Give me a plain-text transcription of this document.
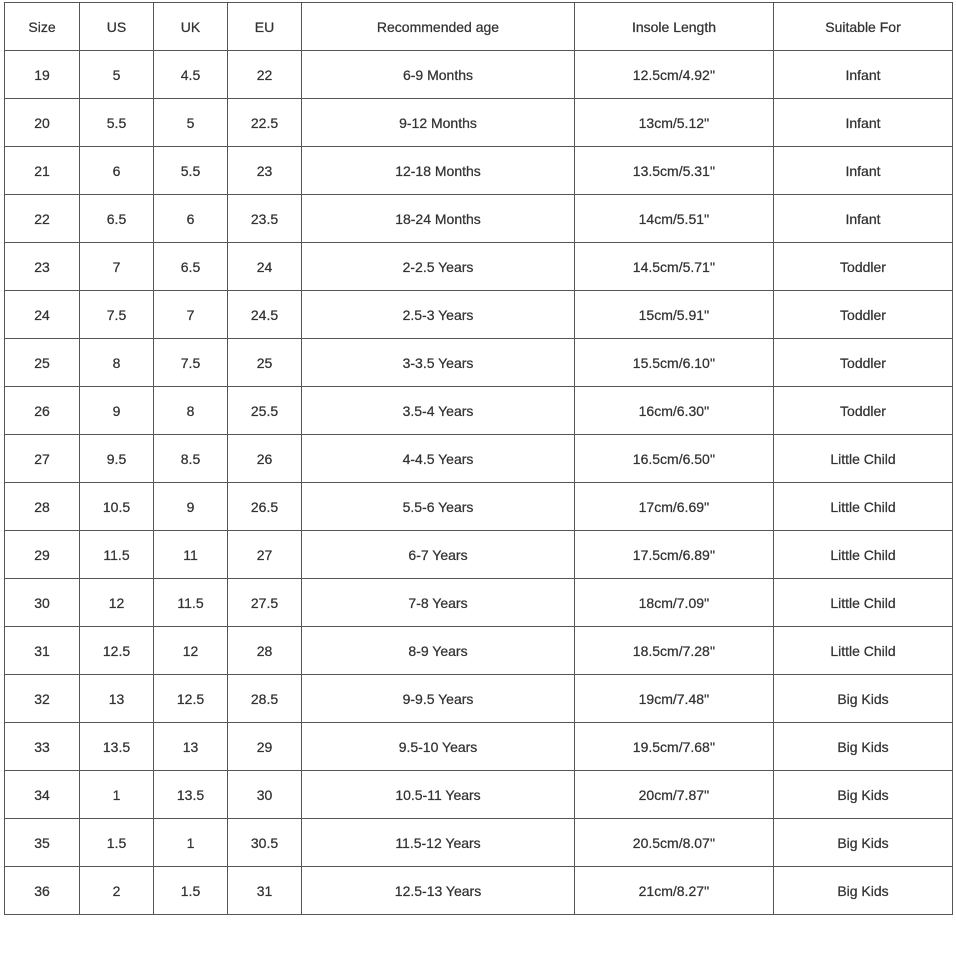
Size	US	UK	EU	Recommended age	Insole Length	Suitable For
19	5	4.5	22	6-9 Months	12.5cm/4.92''	Infant
20	5.5	5	22.5	9-12 Months	13cm/5.12''	Infant
21	6	5.5	23	12-18 Months	13.5cm/5.31''	Infant
22	6.5	6	23.5	18-24 Months	14cm/5.51''	Infant
23	7	6.5	24	2-2.5 Years	14.5cm/5.71''	Toddler
24	7.5	7	24.5	2.5-3 Years	15cm/5.91''	Toddler
25	8	7.5	25	3-3.5 Years	15.5cm/6.10''	Toddler
26	9	8	25.5	3.5-4 Years	16cm/6.30''	Toddler
27	9.5	8.5	26	4-4.5 Years	16.5cm/6.50''	Little Child
28	10.5	9	26.5	5.5-6 Years	17cm/6.69''	Little Child
29	11.5	11	27	6-7 Years	17.5cm/6.89''	Little Child
30	12	11.5	27.5	7-8 Years	18cm/7.09''	Little Child
31	12.5	12	28	8-9 Years	18.5cm/7.28''	Little Child
32	13	12.5	28.5	9-9.5 Years	19cm/7.48''	Big Kids
33	13.5	13	29	9.5-10 Years	19.5cm/7.68''	Big Kids
34	1	13.5	30	10.5-11 Years	20cm/7.87''	Big Kids
35	1.5	1	30.5	11.5-12 Years	20.5cm/8.07''	Big Kids
36	2	1.5	31	12.5-13 Years	21cm/8.27''	Big Kids
